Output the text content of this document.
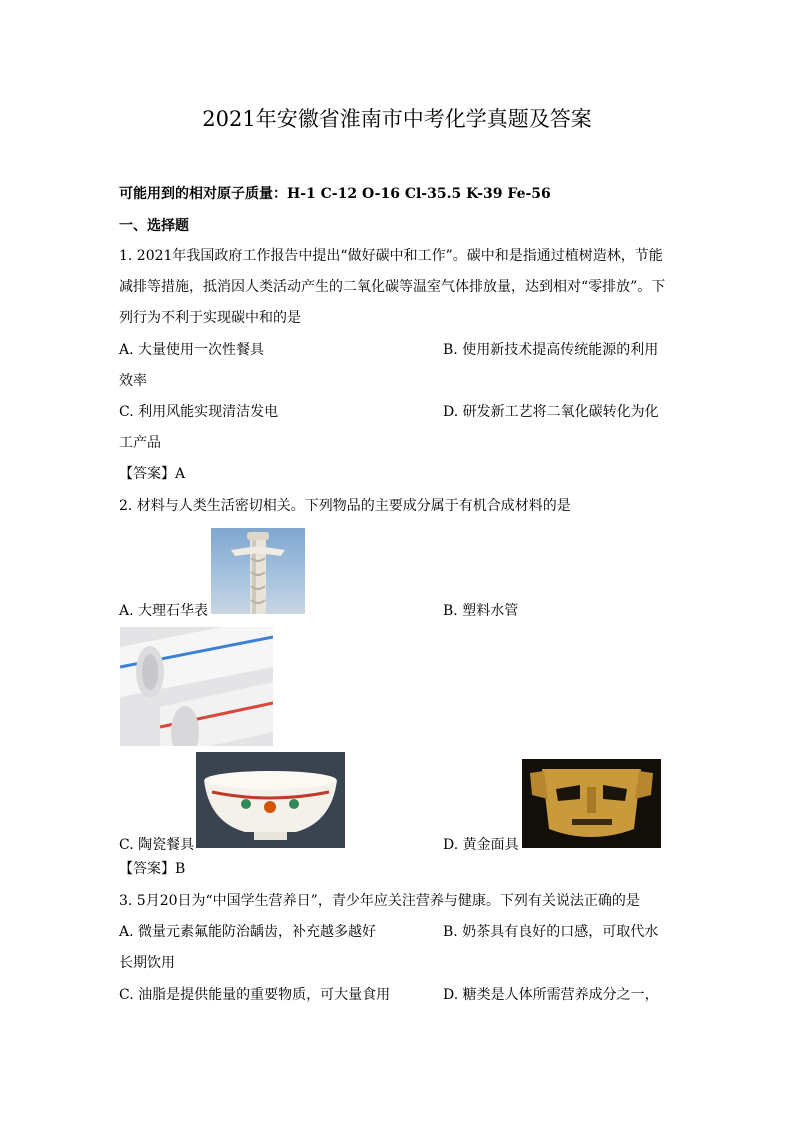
2021年安徽省淮南市中考化学真题及答案
可能用到的相对原子质量：H-1 C-12 O-16 Cl-35.5 K-39 Fe-56
一、选择题
1. 2021年我国政府工作报告中提出“做好碳中和工作”。碳中和是指通过植树造林，节能
减排等措施，抵消因人类活动产生的二氧化碳等温室气体排放量，达到相对“零排放”。下
列行为不利于实现碳中和的是
A. 大量使用一次性餐具	B. 使用新技术提高传统能源的利用
效率
C. 利用风能实现清洁发电	D. 研发新工艺将二氧化碳转化为化
工产品
【答案】A
2. 材料与人类生活密切相关。下列物品的主要成分属于有机合成材料的是
A. 大理石华表	B. 塑料水管
C. 陶瓷餐具	D. 黄金面具
【答案】B
3. 5月20日为“中国学生营养日”，青少年应关注营养与健康。下列有关说法正确的是
A. 微量元素氟能防治龋齿，补充越多越好	B. 奶茶具有良好的口感，可取代水
长期饮用
C. 油脂是提供能量的重要物质，可大量食用	D. 糖类是人体所需营养成分之一，
